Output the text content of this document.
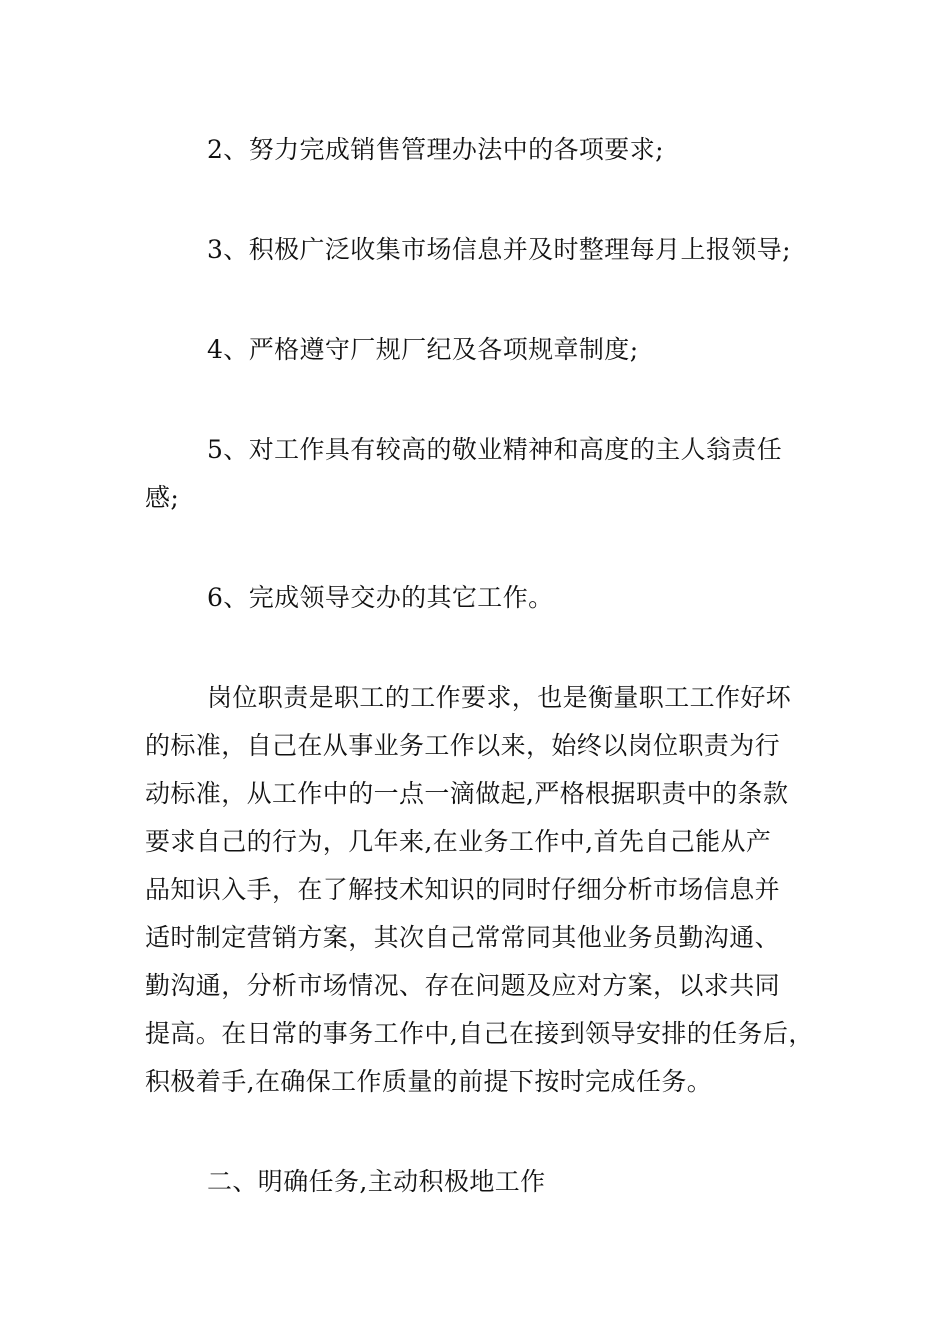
2、努力完成销售管理办法中的各项要求;
3、积极广泛收集市场信息并及时整理每月上报领导;
4、严格遵守厂规厂纪及各项规章制度;
5、对工作具有较高的敬业精神和高度的主人翁责任
感;
6、完成领导交办的其它工作。
岗位职责是职工的工作要求，也是衡量职工工作好坏
的标准，自己在从事业务工作以来，始终以岗位职责为行
动标准，从工作中的一点一滴做起,严格根据职责中的条款
要求自己的行为，几年来,在业务工作中,首先自己能从产
品知识入手，在了解技术知识的同时仔细分析市场信息并
适时制定营销方案，其次自己常常同其他业务员勤沟通、
勤沟通，分析市场情况、存在问题及应对方案，以求共同
提高。在日常的事务工作中,自己在接到领导安排的任务后，
积极着手,在确保工作质量的前提下按时完成任务。
二、明确任务,主动积极地工作
